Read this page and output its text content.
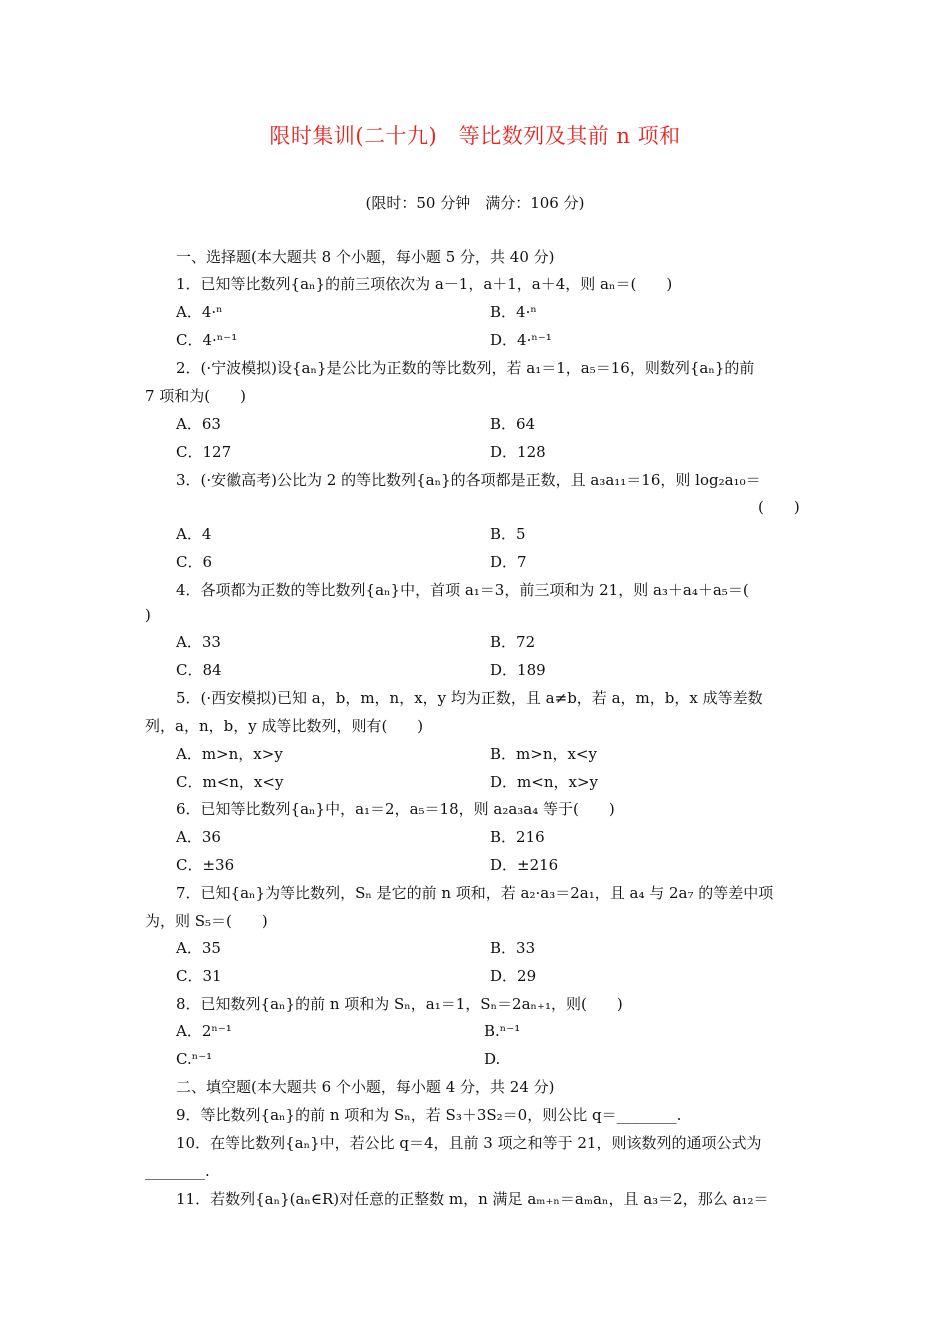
限时集训(二十九)　等比数列及其前 n 项和
(限时：50 分钟　满分：106 分)
一、选择题(本大题共 8 个小题，每小题 5 分，共 40 分)
1．已知等比数列{aₙ}的前三项依次为 a－1，a＋1，a＋4，则 aₙ＝(　　)
A．4·ⁿ	B．4·ⁿ
C．4·ⁿ⁻¹	D．4·ⁿ⁻¹
2．(·宁波模拟)设{aₙ}是公比为正数的等比数列，若 a₁＝1，a₅＝16，则数列{aₙ}的前
7 项和为(　　)
A．63	B．64
C．127	D．128
3．(·安徽高考)公比为 2 的等比数列{aₙ}的各项都是正数，且 a₃a₁₁＝16，则 log₂a₁₀＝
(　　)
A．4	B．5
C．6	D．7
4．各项都为正数的等比数列{aₙ}中，首项 a₁＝3，前三项和为 21，则 a₃＋a₄＋a₅＝(
)
A．33	B．72
C．84	D．189
5．(·西安模拟)已知 a，b，m，n，x，y 均为正数，且 a≠b，若 a，m，b，x 成等差数
列，a，n，b，y 成等比数列，则有(　　)
A．m>n，x>y	B．m>n，x<y
C．m<n，x<y	D．m<n，x>y
6．已知等比数列{aₙ}中，a₁＝2，a₅＝18，则 a₂a₃a₄ 等于(　　)
A．36	B．216
C．±36	D．±216
7．已知{aₙ}为等比数列，Sₙ 是它的前 n 项和，若 a₂·a₃＝2a₁，且 a₄ 与 2a₇ 的等差中项
为，则 S₅＝(　　)
A．35	B．33
C．31	D．29
8．已知数列{aₙ}的前 n 项和为 Sₙ，a₁＝1，Sₙ＝2aₙ₊₁，则(　　)
A．2ⁿ⁻¹	B.ⁿ⁻¹
C.ⁿ⁻¹	D.
二、填空题(本大题共 6 个小题，每小题 4 分，共 24 分)
9．等比数列{aₙ}的前 n 项和为 Sₙ，若 S₃＋3S₂＝0，则公比 q＝________.
10．在等比数列{aₙ}中，若公比 q＝4，且前 3 项之和等于 21，则该数列的通项公式为
________.
11．若数列{aₙ}(aₙ∈R)对任意的正整数 m，n 满足 aₘ₊ₙ＝aₘaₙ，且 a₃＝2，那么 a₁₂＝
